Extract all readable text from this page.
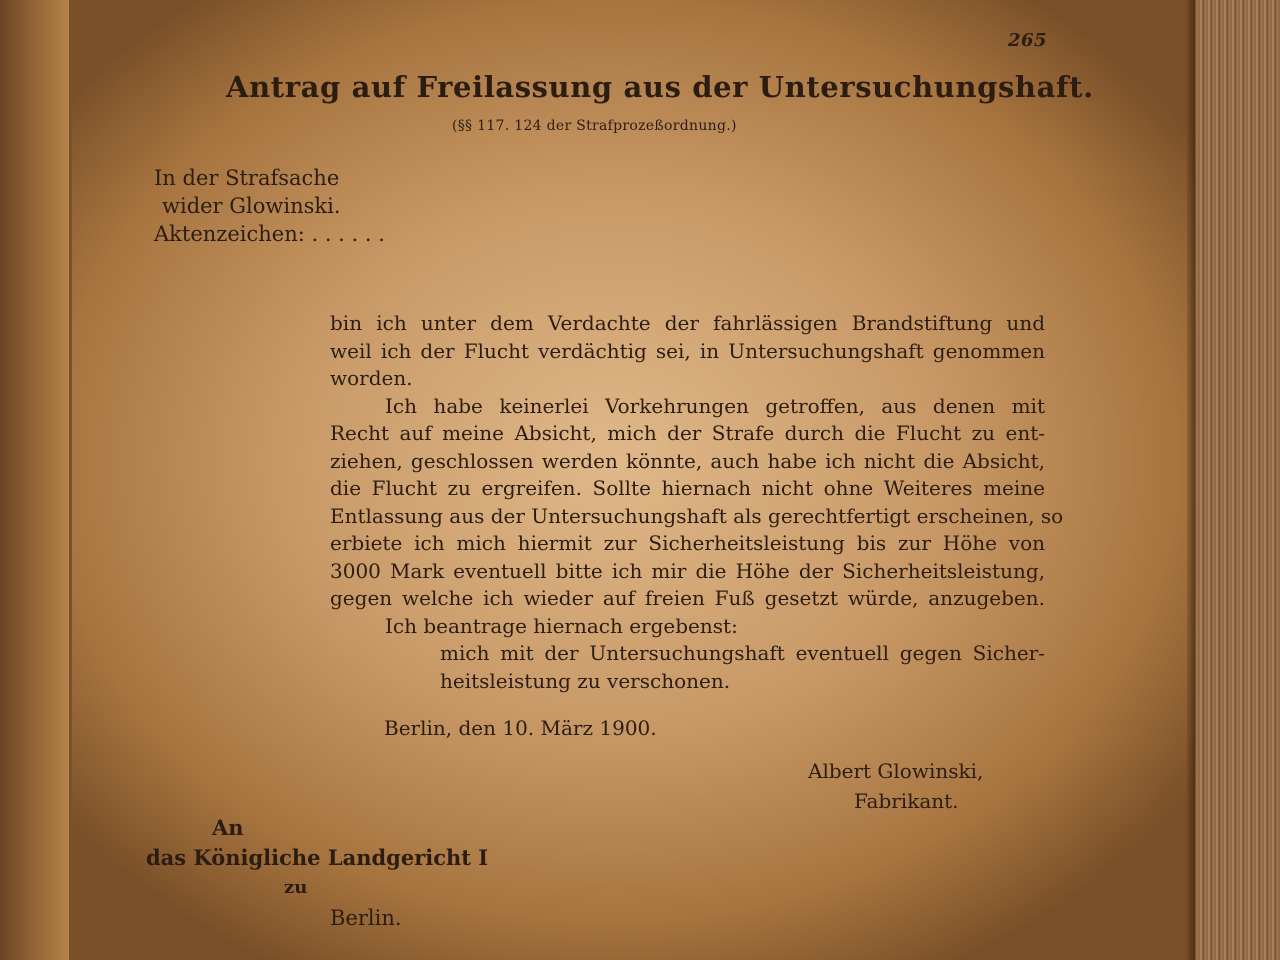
265
Antrag auf Freilassung aus der Untersuchungshaft.
(§§ 117. 124 der Strafprozeßordnung.)
In der Strafsache
wider Glowinski.
Aktenzeichen: . . . . . .
bin ich unter dem Verdachte der fahrlässigen Brandstiftung und
weil ich der Flucht verdächtig sei, in Untersuchungshaft genommen
worden.
Ich habe keinerlei Vorkehrungen getroffen, aus denen mit
Recht auf meine Absicht, mich der Strafe durch die Flucht zu ent-
ziehen, geschlossen werden könnte, auch habe ich nicht die Absicht,
die Flucht zu ergreifen. Sollte hiernach nicht ohne Weiteres meine
Entlassung aus der Untersuchungshaft als gerechtfertigt erscheinen, so
erbiete ich mich hiermit zur Sicherheitsleistung bis zur Höhe von
3000 Mark eventuell bitte ich mir die Höhe der Sicherheitsleistung,
gegen welche ich wieder auf freien Fuß gesetzt würde, anzugeben.
Ich beantrage hiernach ergebenst:
mich mit der Untersuchungshaft eventuell gegen Sicher-
heitsleistung zu verschonen.
Berlin, den 10. März 1900.
Albert Glowinski,
Fabrikant.
An
das Königliche Landgericht I
zu
Berlin.
